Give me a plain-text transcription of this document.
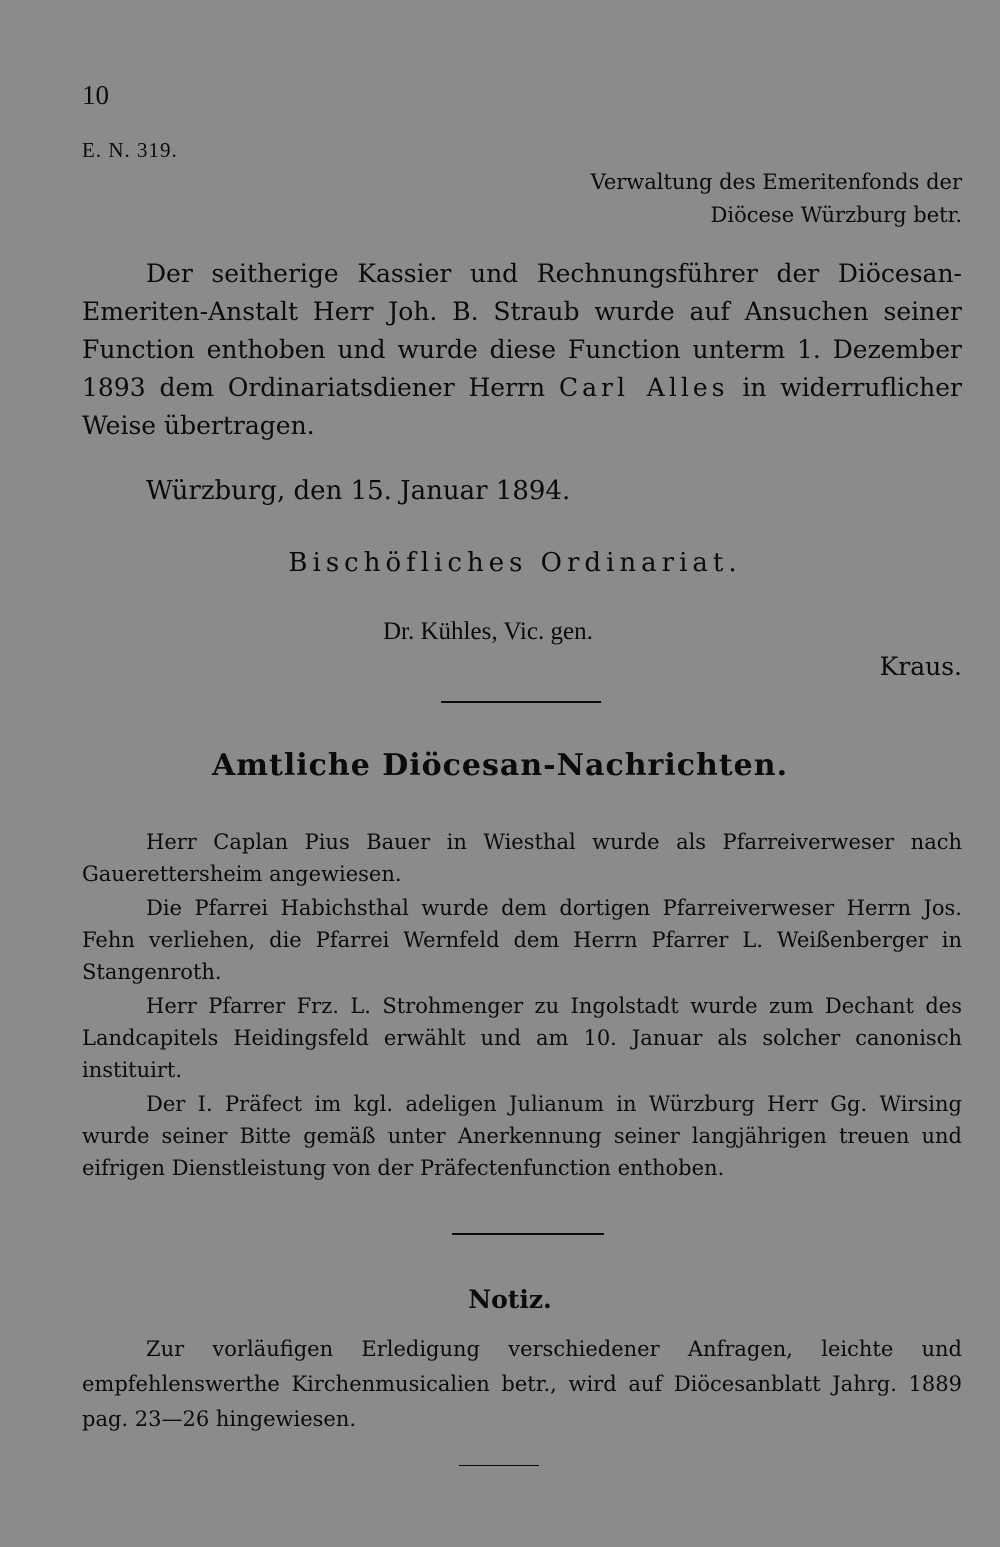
10
E. N. 319.
Verwaltung des Emeritenfonds der
Diöcese Würzburg betr.
Der seitherige Kassier und Rechnungsführer der Diöcesan-Emeriten-Anstalt Herr Joh. B. Straub wurde auf Ansuchen seiner Function enthoben und wurde diese Function unterm 1. Dezember 1893 dem Ordinariatsdiener Herrn Carl Alles in widerruflicher Weise übertragen.
Würzburg, den 15. Januar 1894.
Bischöfliches Ordinariat.
Dr. Kühles, Vic. gen.
Kraus.
Amtliche Diöcesan-Nachrichten.

Herr Caplan Pius Bauer in Wiesthal wurde als Pfarreiverweser nach Gauerettersheim angewiesen.

Die Pfarrei Habichsthal wurde dem dortigen Pfarreiverweser Herrn Jos. Fehn verliehen, die Pfarrei Wernfeld dem Herrn Pfarrer L. Weißenberger in Stangenroth.

Herr Pfarrer Frz. L. Strohmenger zu Ingolstadt wurde zum Dechant des Landcapitels Heidingsfeld erwählt und am 10. Januar als solcher canonisch instituirt.

Der I. Präfect im kgl. adeligen Julianum in Würzburg Herr Gg. Wirsing wurde seiner Bitte gemäß unter Anerkennung seiner langjährigen treuen und eifrigen Dienstleistung von der Präfectenfunction enthoben.

Notiz.
Zur vorläufigen Erledigung verschiedener Anfragen, leichte und empfehlenswerthe Kirchenmusicalien betr., wird auf Diöcesanblatt Jahrg. 1889 pag. 23—26 hingewiesen.
